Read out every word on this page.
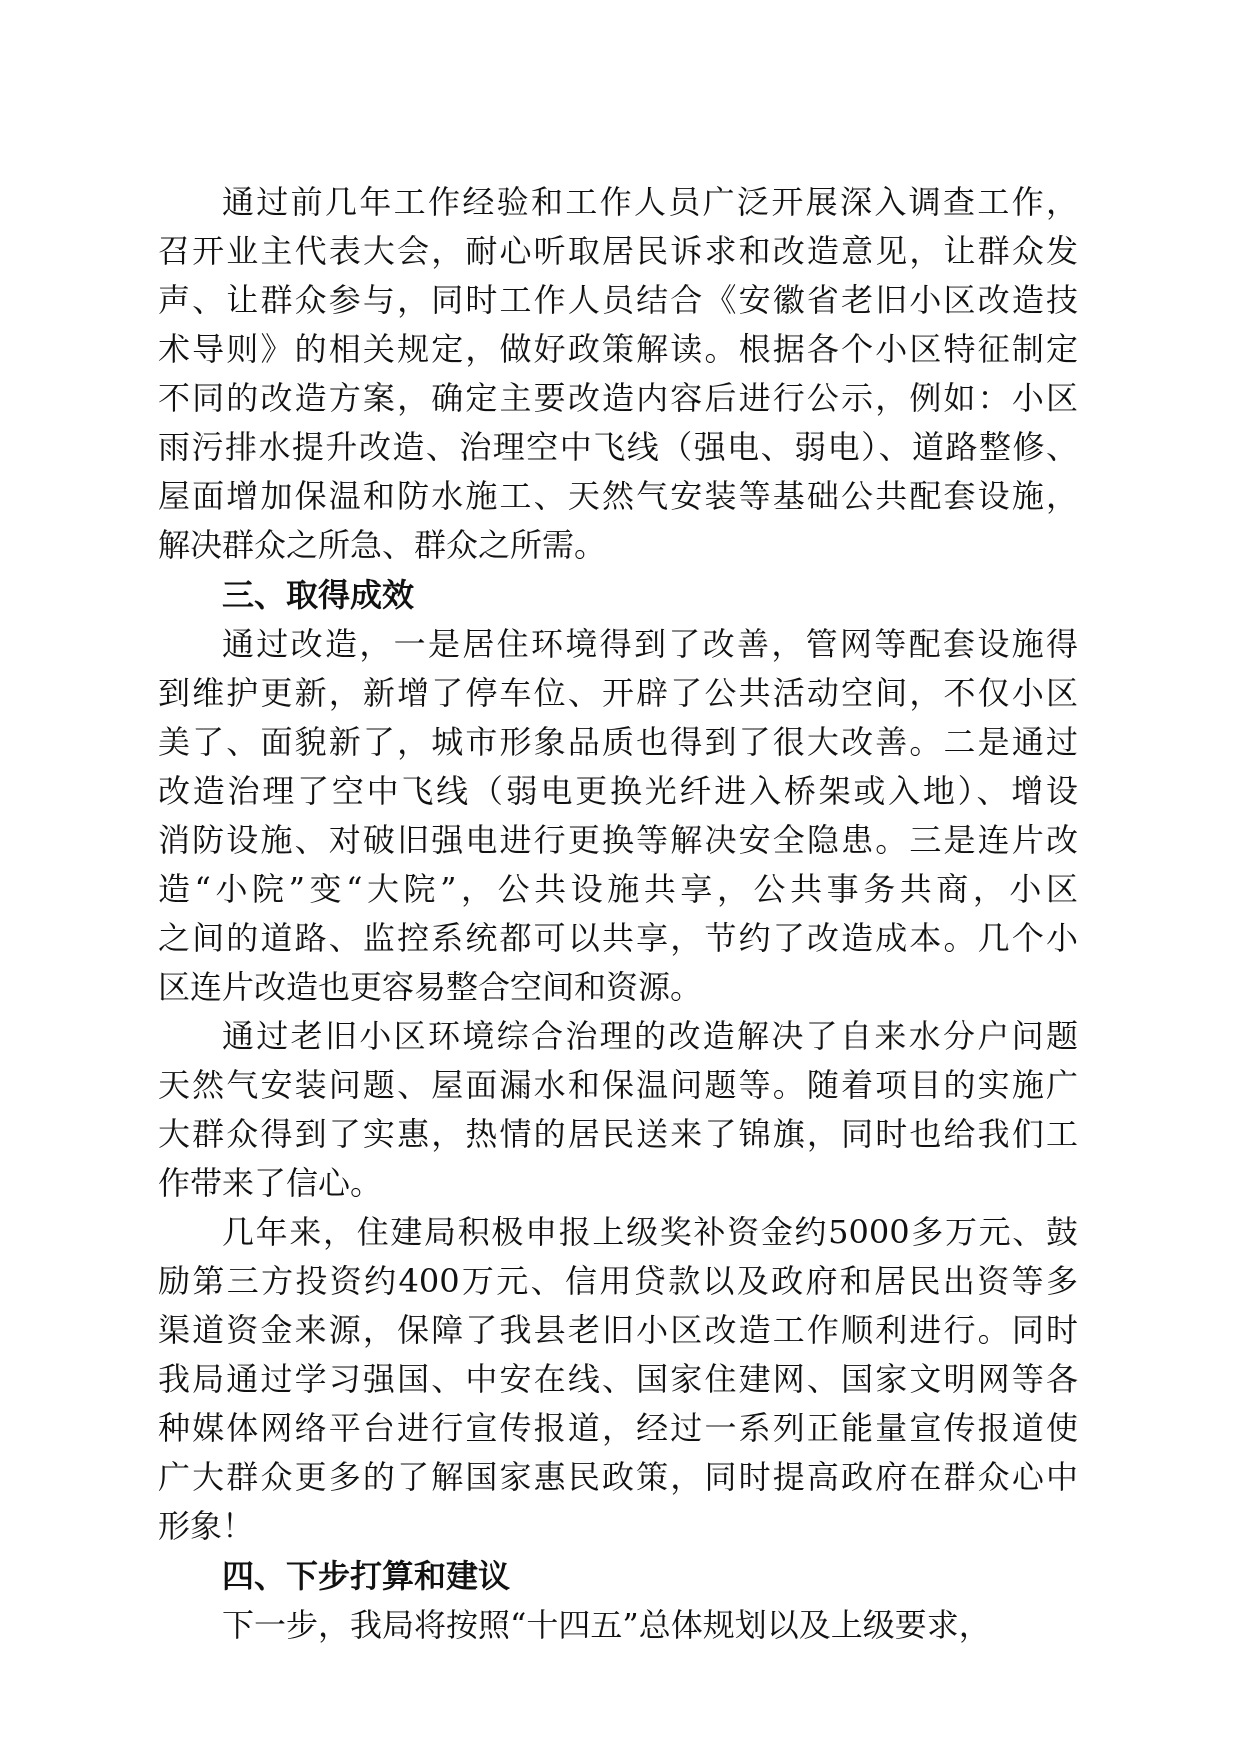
通过前几年工作经验和工作人员广泛开展深入调查工作，
召开业主代表大会，耐心听取居民诉求和改造意见，让群众发
声、让群众参与，同时工作人员结合《安徽省老旧小区改造技
术导则》的相关规定，做好政策解读。根据各个小区特征制定
不同的改造方案，确定主要改造内容后进行公示，例如：小区
雨污排水提升改造、治理空中飞线（强电、弱电）、道路整修、
屋面增加保温和防水施工、天然气安装等基础公共配套设施，
解决群众之所急、群众之所需。
三、取得成效
通过改造，一是居住环境得到了改善，管网等配套设施得
到维护更新，新增了停车位、开辟了公共活动空间，不仅小区
美了、面貌新了，城市形象品质也得到了很大改善。二是通过
改造治理了空中飞线（弱电更换光纤进入桥架或入地）、增设
消防设施、对破旧强电进行更换等解决安全隐患。三是连片改
造“小院”变“大院”，公共设施共享，公共事务共商，小区
之间的道路、监控系统都可以共享，节约了改造成本。几个小
区连片改造也更容易整合空间和资源。
通过老旧小区环境综合治理的改造解决了自来水分户问题
天然气安装问题、屋面漏水和保温问题等。随着项目的实施广
大群众得到了实惠，热情的居民送来了锦旗，同时也给我们工
作带来了信心。
几年来，住建局积极申报上级奖补资金约5000多万元、鼓
励第三方投资约400万元、信用贷款以及政府和居民出资等多
渠道资金来源，保障了我县老旧小区改造工作顺利进行。同时
我局通过学习强国、中安在线、国家住建网、国家文明网等各
种媒体网络平台进行宣传报道，经过一系列正能量宣传报道使
广大群众更多的了解国家惠民政策，同时提高政府在群众心中
形象！
四、下步打算和建议
下一步，我局将按照“十四五”总体规划以及上级要求，
